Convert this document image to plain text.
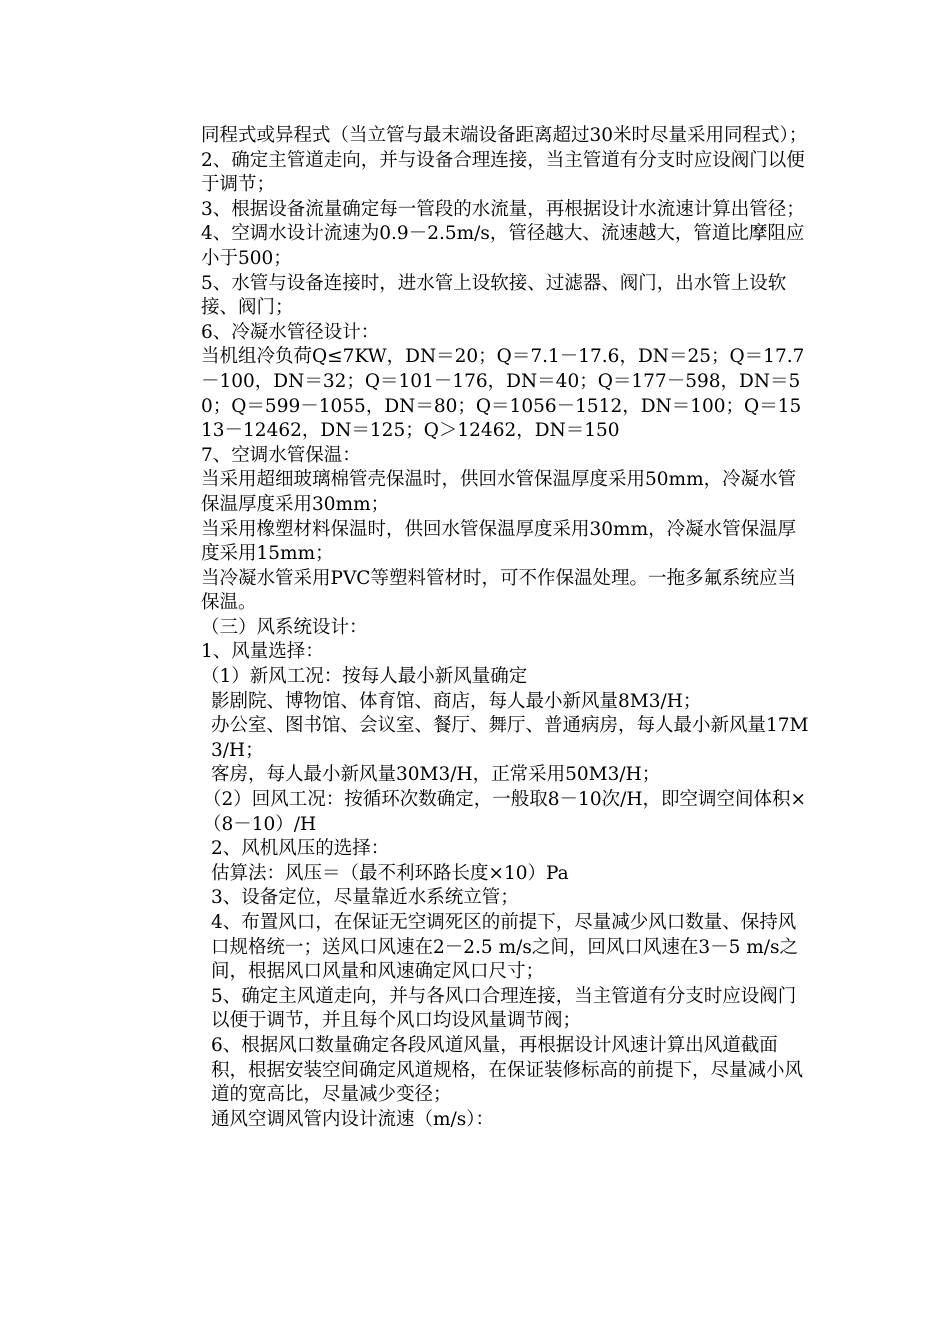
同程式或异程式（当立管与最末端设备距离超过30米时尽量采用同程式）；

2、确定主管道走向，并与设备合理连接，当主管道有分支时应设阀门以便于调节；

3、根据设备流量确定每一管段的水流量，再根据设计水流速计算出管径；

4、空调水设计流速为0.9－2.5m/s，管径越大、流速越大，管道比摩阻应小于500；

5、水管与设备连接时，进水管上设软接、过滤器、阀门，出水管上设软接、阀门；

6、冷凝水管径设计：

当机组冷负荷Q≤7KW，DN＝20；Q＝7.1－17.6，DN＝25；Q＝17.7－100，DN＝32；Q＝101－176，DN＝40；Q＝177－598，DN＝50；Q＝599－1055，DN＝80；Q＝1056－1512，DN＝100；Q＝1513－12462，DN＝125；Q＞12462，DN＝150

7、空调水管保温：

当采用超细玻璃棉管壳保温时，供回水管保温厚度采用50mm，冷凝水管保温厚度采用30mm；

当采用橡塑材料保温时，供回水管保温厚度采用30mm，冷凝水管保温厚度采用15mm；

当冷凝水管采用PVC等塑料管材时，可不作保温处理。一拖多氟系统应当保温。

（三）风系统设计：

1、风量选择：

（1）新风工况：按每人最小新风量确定

影剧院、博物馆、体育馆、商店，每人最小新风量8M3/H；

办公室、图书馆、会议室、餐厅、舞厅、普通病房，每人最小新风量17M3/H；

客房，每人最小新风量30M3/H，正常采用50M3/H；

（2）回风工况：按循环次数确定，一般取8－10次/H，即空调空间体积×（8－10）/H

2、风机风压的选择：

估算法：风压＝（最不利环路长度×10）Pa

3、设备定位，尽量靠近水系统立管；

4、布置风口，在保证无空调死区的前提下，尽量减少风口数量、保持风口规格统一；送风口风速在2－2.5 m/s之间，回风口风速在3－5 m/s之间，根据风口风量和风速确定风口尺寸；

5、确定主风道走向，并与各风口合理连接，当主管道有分支时应设阀门以便于调节，并且每个风口均设风量调节阀；

6、根据风口数量确定各段风道风量，再根据设计风速计算出风道截面积，根据安装空间确定风道规格，在保证装修标高的前提下，尽量减小风道的宽高比，尽量减少变径；

通风空调风管内设计流速（m/s）：
